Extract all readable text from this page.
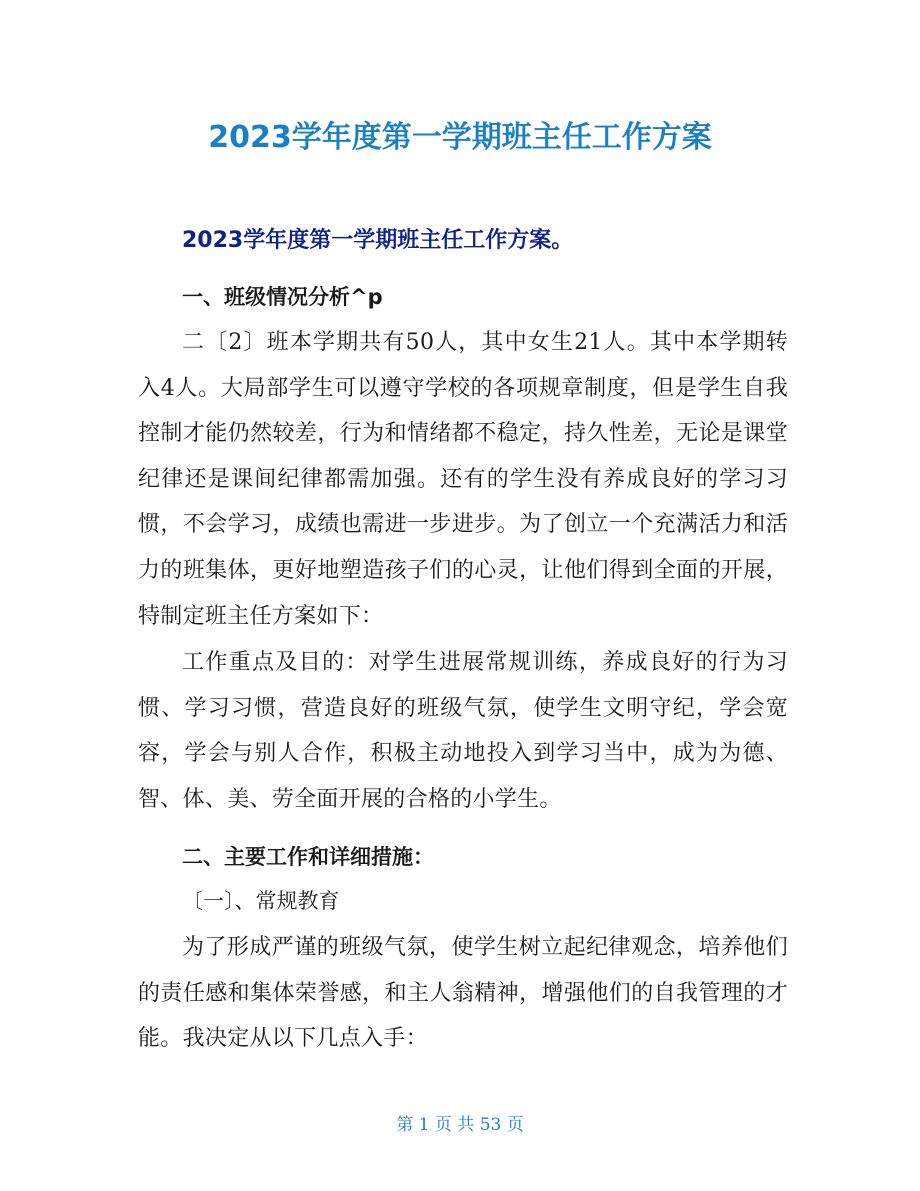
2023学年度第一学期班主任工作方案
2023学年度第一学期班主任工作方案。
一、班级情况分析^p

二〔2〕班本学期共有50人，其中女生21人。其中本学期转入4人。大局部学生可以遵守学校的各项规章制度，但是学生自我控制才能仍然较差，行为和情绪都不稳定，持久性差，无论是课堂纪律还是课间纪律都需加强。还有的学生没有养成良好的学习习惯，不会学习，成绩也需进一步进步。为了创立一个充满活力和活力的班集体，更好地塑造孩子们的心灵，让他们得到全面的开展，特制定班主任方案如下：

工作重点及目的：对学生进展常规训练，养成良好的行为习惯、学习习惯，营造良好的班级气氛，使学生文明守纪，学会宽容，学会与别人合作，积极主动地投入到学习当中，成为为德、智、体、美、劳全面开展的合格的小学生。

二、主要工作和详细措施：

〔一〕、常规教育

为了形成严谨的班级气氛，使学生树立起纪律观念，培养他们的责任感和集体荣誉感，和主人翁精神，增强他们的自我管理的才能。我决定从以下几点入手：

第 1 页 共 53 页
